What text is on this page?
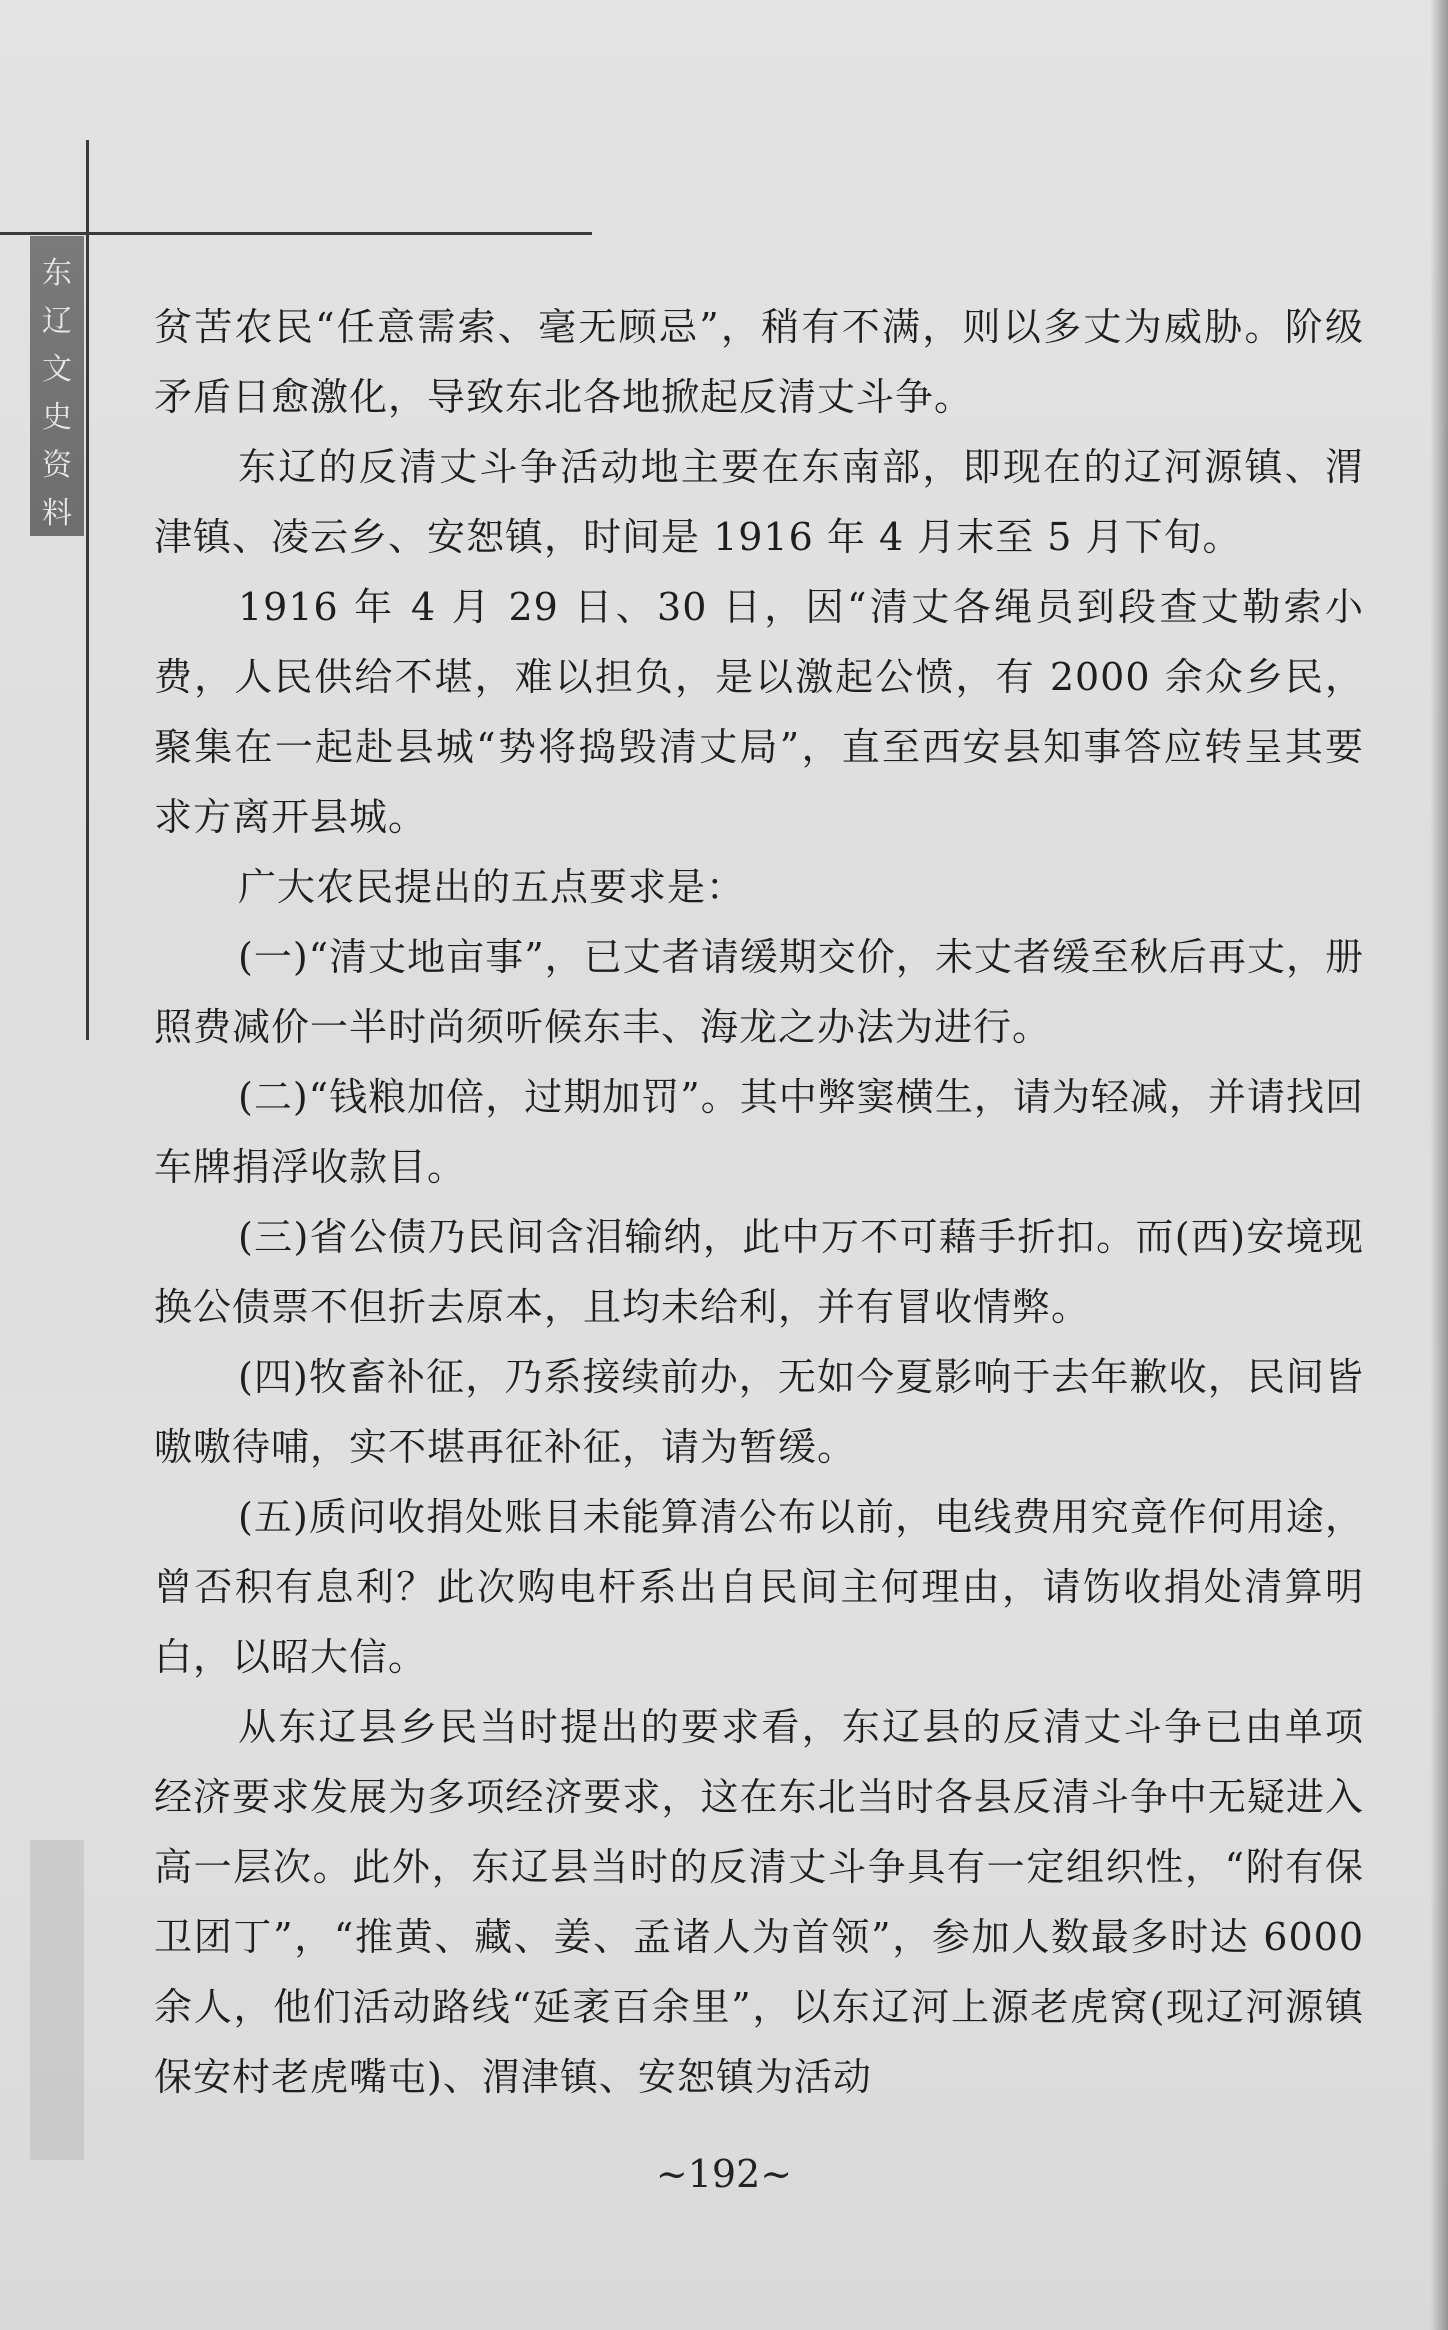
东
辽
文
史
资
料

贫苦农民“任意需索、毫无顾忌”，稍有不满，则以多丈为威胁。阶级矛盾日愈激化，导致东北各地掀起反清丈斗争。

东辽的反清丈斗争活动地主要在东南部，即现在的辽河源镇、渭津镇、凌云乡、安恕镇，时间是 1916 年 4 月末至 5 月下旬。

1916 年 4 月 29 日、30 日，因“清丈各绳员到段查丈勒索小费，人民供给不堪，难以担负，是以激起公愤，有 2000 余众乡民，聚集在一起赴县城“势将捣毁清丈局”，直至西安县知事答应转呈其要求方离开县城。

广大农民提出的五点要求是：

(一)“清丈地亩事”，已丈者请缓期交价，未丈者缓至秋后再丈，册照费减价一半时尚须听候东丰、海龙之办法为进行。

(二)“钱粮加倍，过期加罚”。其中弊窦横生，请为轻减，并请找回车牌捐浮收款目。

(三)省公债乃民间含泪输纳，此中万不可藉手折扣。而(西)安境现换公债票不但折去原本，且均未给利，并有冒收情弊。

(四)牧畜补征，乃系接续前办，无如今夏影响于去年歉收，民间皆嗷嗷待哺，实不堪再征补征，请为暂缓。

(五)质问收捐处账目未能算清公布以前，电线费用究竟作何用途，曾否积有息利？此次购电杆系出自民间主何理由，请饬收捐处清算明白，以昭大信。

从东辽县乡民当时提出的要求看，东辽县的反清丈斗争已由单项经济要求发展为多项经济要求，这在东北当时各县反清斗争中无疑进入高一层次。此外，东辽县当时的反清丈斗争具有一定组织性，“附有保卫团丁”，“推黄、藏、姜、孟诸人为首领”，参加人数最多时达 6000 余人，他们活动路线“延袤百余里”，以东辽河上源老虎窝(现辽河源镇保安村老虎嘴屯)、渭津镇、安恕镇为活动

~192~
